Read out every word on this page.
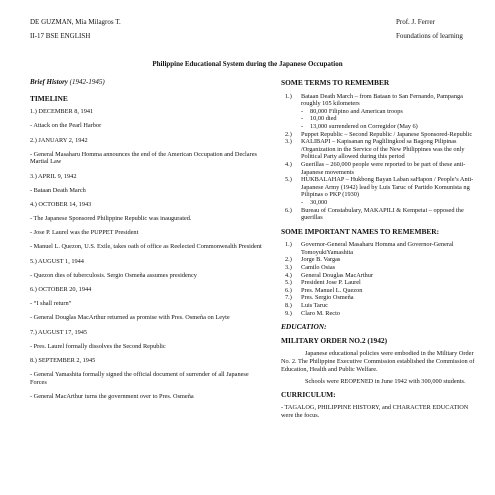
DE GUZMAN, Mia Milagros T.
II-17 BSE ENGLISH
Prof. J. Ferrer
Foundations of learning
Philippine Educational System during the Japanese Occupation
Brief History (1942-1945)
TIMELINE

1.) DECEMBER 8, 1941

- Attack on the Pearl Harbor

2.) JANUARY 2, 1942

- General Masaharu Homma announces the end of the American Occupation and Declares Martial Law

3.) APRIL 9, 1942

- Bataan Death March

4.) OCTOBER 14, 1943

- The Japanese Sponsored Philippine Republic was inaugurated.

- Jose P. Laurel was the PUPPET President

- Manuel L. Quezon, U.S. Exile, takes oath of office as Reelected Commonwealth President

5.) AUGUST 1, 1944

- Quezon dies of tuberculosis. Sergio Osmeña assumes presidency

6.) OCTOBER 20, 1944

- “I shall return”

- General Douglas MacArthur returned as promise with Pres. Osmeña on Leyte

7.) AUGUST 17, 1945

- Pres. Laurel formally dissolves the Second Republic

8.) SEPTEMBER 2, 1945

- General Yamashita formally signed the official document of surrender of all Japanese Forces

- General MacArthur turns the government over to Pres. Osmeña

SOME TERMS TO REMEMBER
1.) Bataan Death March – from Bataan to San Fernando, Pampanga roughly 105 kilometers
- 80,000 Filipino and American troops
- 10,00 died
- 13,000 surrendered on Corregidor (May 6)
2.) Puppet Republic – Second Republic / Japanese Sponsored-Republic
3.) KALIBAPI – Kapisanan ng Paglilingkod sa Bagong Pilipinas /Organization in the Service of the New Philippines was the only Political Party allowed during this period
4.) Guerillas – 260,000 people were reported to be part of these anti-Japanese movements
5.) HUKBALAHAP – Hukbong Bayan Laban saHapon / People’s Anti-Japanese Army (1942) lead by Luis Taruc of Partido Komunista ng Pilipinas o PKP (1930)
- 30,000
6.) Bureau of Constabulary, MAKAPILI & Kempetai – opposed the guerillas
SOME IMPORTANT NAMES TO REMEMBER:
1.) Governor-General Masaharu Homma and Governor-General TomoyukiYamashita
2.) Jorge B. Vargas
3.) Camilo Osias
4.) General Douglas MacArthur
5.) President Jose P. Laurel
6.) Pres. Manuel L. Quezon
7.) Pres. Sergio Osmeña
8.) Luis Taruc
9.) Claro M. Recto
EDUCATION:
MILITARY ORDER NO.2 (1942)

Japanese educational policies were embodied in the Military Order No. 2. The Philippine Executive Commission established the Commission of Education, Health and Public Welfare.

Schools were REOPENED in June 1942 with 300,000 students.

CURRICULUM:

- TAGALOG, PHILIPPINE HISTORY, and CHARACTER EDUCATION were the focus.
